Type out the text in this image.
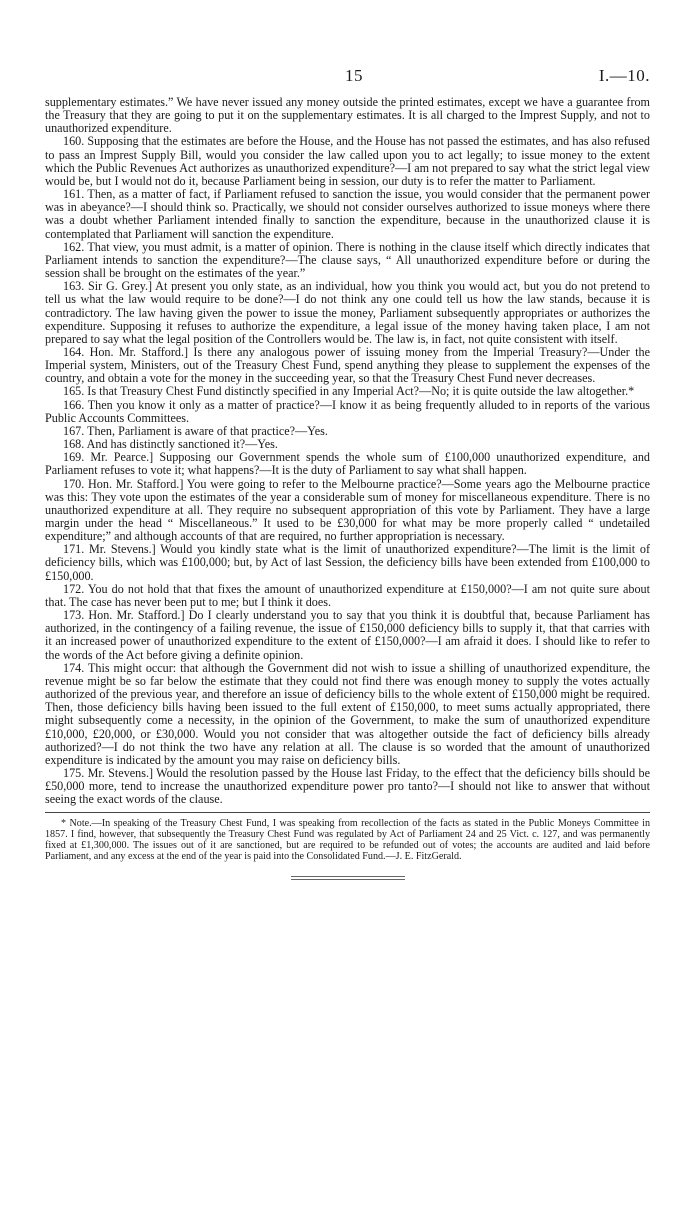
15	I.—10.

supplementary estimates.” We have never issued any money outside the printed estimates, except we have a guarantee from the Treasury that they are going to put it on the supplementary estimates. It is all charged to the Imprest Supply, and not to unauthorized expenditure.

160. Supposing that the estimates are before the House, and the House has not passed the estimates, and has also refused to pass an Imprest Supply Bill, would you consider the law called upon you to act legally; to issue money to the extent which the Public Revenues Act authorizes as unauthorized expenditure?—I am not prepared to say what the strict legal view would be, but I would not do it, because Parliament being in session, our duty is to refer the matter to Parliament.

161. Then, as a matter of fact, if Parliament refused to sanction the issue, you would consider that the permanent power was in abeyance?—I should think so. Practically, we should not consider ourselves authorized to issue moneys where there was a doubt whether Parliament intended finally to sanction the expenditure, because in the unauthorized clause it is contemplated that Parliament will sanction the expenditure.

162. That view, you must admit, is a matter of opinion. There is nothing in the clause itself which directly indicates that Parliament intends to sanction the expenditure?—The clause says, “ All unauthorized expenditure before or during the session shall be brought on the estimates of the year.”

163. Sir G. Grey.] At present you only state, as an individual, how you think you would act, but you do not pretend to tell us what the law would require to be done?—I do not think any one could tell us how the law stands, because it is contradictory. The law having given the power to issue the money, Parliament subsequently appropriates or authorizes the expenditure. Supposing it refuses to authorize the expenditure, a legal issue of the money having taken place, I am not prepared to say what the legal position of the Controllers would be. The law is, in fact, not quite consistent with itself.

164. Hon. Mr. Stafford.] Is there any analogous power of issuing money from the Imperial Treasury?—Under the Imperial system, Ministers, out of the Treasury Chest Fund, spend anything they please to supplement the expenses of the country, and obtain a vote for the money in the succeeding year, so that the Treasury Chest Fund never decreases.

165. Is that Treasury Chest Fund distinctly specified in any Imperial Act?—No; it is quite outside the law altogether.*

166. Then you know it only as a matter of practice?—I know it as being frequently alluded to in reports of the various Public Accounts Committees.

167. Then, Parliament is aware of that practice?—Yes.

168. And has distinctly sanctioned it?—Yes.

169. Mr. Pearce.] Supposing our Government spends the whole sum of £100,000 unauthorized expenditure, and Parliament refuses to vote it; what happens?—It is the duty of Parliament to say what shall happen.

170. Hon. Mr. Stafford.] You were going to refer to the Melbourne practice?—Some years ago the Melbourne practice was this: They vote upon the estimates of the year a considerable sum of money for miscellaneous expenditure. There is no unauthorized expenditure at all. They require no subsequent appropriation of this vote by Parliament. They have a large margin under the head “ Miscellaneous.” It used to be £30,000 for what may be more properly called “ undetailed expenditure;” and although accounts of that are required, no further appropriation is necessary.

171. Mr. Stevens.] Would you kindly state what is the limit of unauthorized expenditure?—The limit is the limit of deficiency bills, which was £100,000; but, by Act of last Session, the deficiency bills have been extended from £100,000 to £150,000.

172. You do not hold that that fixes the amount of unauthorized expenditure at £150,000?—I am not quite sure about that. The case has never been put to me; but I think it does.

173. Hon. Mr. Stafford.] Do I clearly understand you to say that you think it is doubtful that, because Parliament has authorized, in the contingency of a failing revenue, the issue of £150,000 deficiency bills to supply it, that that carries with it an increased power of unauthorized expenditure to the extent of £150,000?—I am afraid it does. I should like to refer to the words of the Act before giving a definite opinion.

174. This might occur: that although the Government did not wish to issue a shilling of unauthorized expenditure, the revenue might be so far below the estimate that they could not find there was enough money to supply the votes actually authorized of the previous year, and therefore an issue of deficiency bills to the whole extent of £150,000 might be required. Then, those deficiency bills having been issued to the full extent of £150,000, to meet sums actually appropriated, there might subsequently come a necessity, in the opinion of the Government, to make the sum of unauthorized expenditure £10,000, £20,000, or £30,000. Would you not consider that was altogether outside the fact of deficiency bills already authorized?—I do not think the two have any relation at all. The clause is so worded that the amount of unauthorized expenditure is indicated by the amount you may raise on deficiency bills.

175. Mr. Stevens.] Would the resolution passed by the House last Friday, to the effect that the deficiency bills should be £50,000 more, tend to increase the unauthorized expenditure power pro tanto?—I should not like to answer that without seeing the exact words of the clause.

* Note.—In speaking of the Treasury Chest Fund, I was speaking from recollection of the facts as stated in the Public Moneys Committee in 1857. I find, however, that subsequently the Treasury Chest Fund was regulated by Act of Parliament 24 and 25 Vict. c. 127, and was permanently fixed at £1,300,000. The issues out of it are sanctioned, but are required to be refunded out of votes; the accounts are audited and laid before Parliament, and any excess at the end of the year is paid into the Consolidated Fund.—J. E. FitzGerald.
